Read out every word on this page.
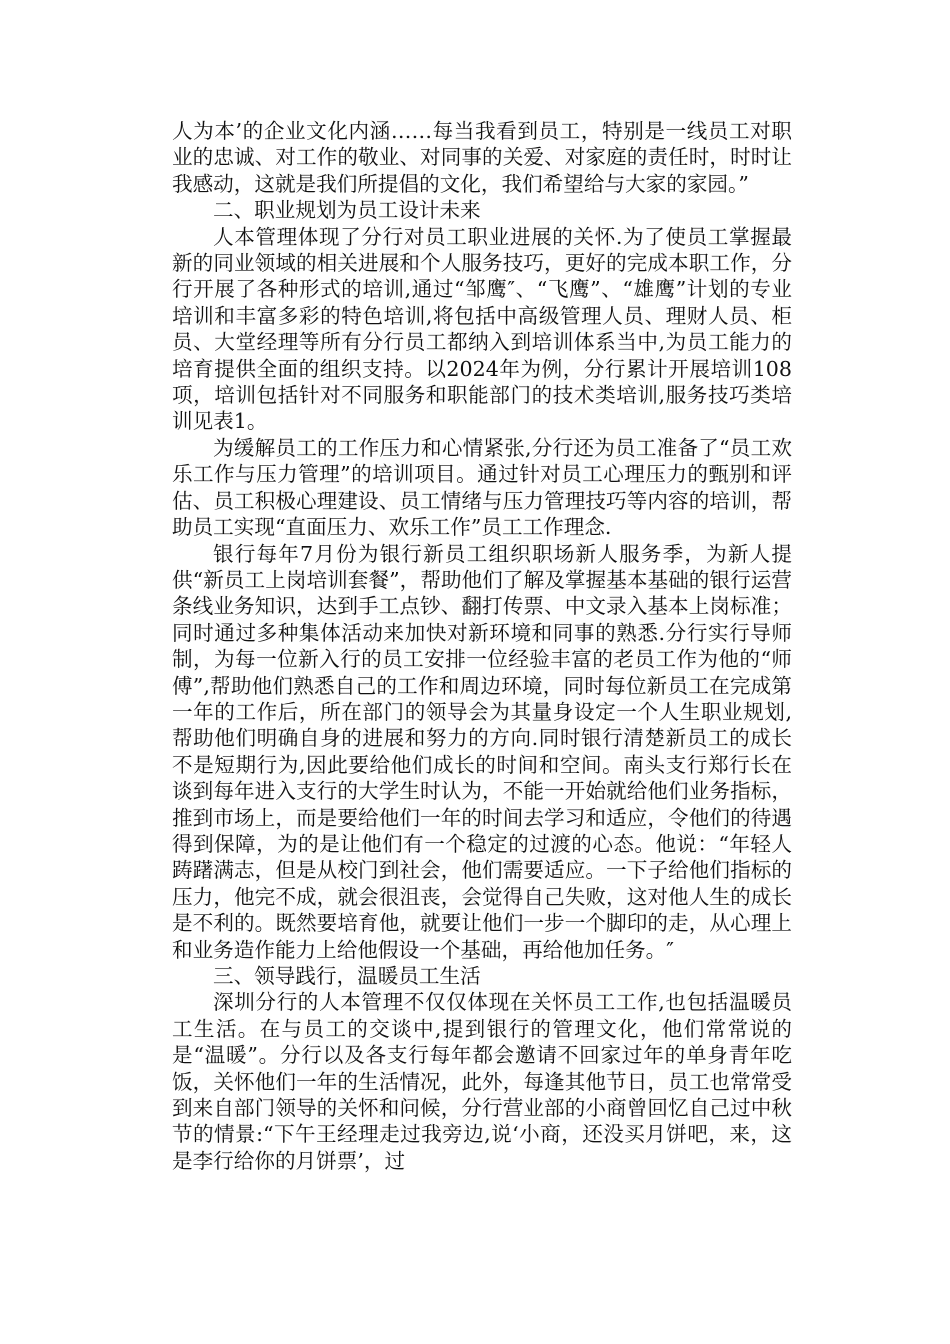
人为本’的企业文化内涵……每当我看到员工，特别是一线员工对职业的忠诚、对工作的敬业、对同事的关爱、对家庭的责任时，时时让我感动，这就是我们所提倡的文化，我们希望给与大家的家园。”

二、职业规划为员工设计未来

人本管理体现了分行对员工职业进展的关怀.为了使员工掌握最新的同业领域的相关进展和个人服务技巧，更好的完成本职工作，分行开展了各种形式的培训,通过“邹鹰″、“飞鹰”、“雄鹰”计划的专业培训和丰富多彩的特色培训,将包括中高级管理人员、理财人员、柜员、大堂经理等所有分行员工都纳入到培训体系当中,为员工能力的培育提供全面的组织支持。以2024年为例，分行累计开展培训108项，培训包括针对不同服务和职能部门的技术类培训,服务技巧类培训见表1。

为缓解员工的工作压力和心情紧张,分行还为员工准备了“员工欢乐工作与压力管理”的培训项目。通过针对员工心理压力的甄别和评估、员工积极心理建设、员工情绪与压力管理技巧等内容的培训，帮助员工实现“直面压力、欢乐工作”员工工作理念.

银行每年7月份为银行新员工组织职场新人服务季，为新人提供“新员工上岗培训套餐”，帮助他们了解及掌握基本基础的银行运营条线业务知识，达到手工点钞、翻打传票、中文录入基本上岗标准；同时通过多种集体活动来加快对新环境和同事的熟悉.分行实行导师制，为每一位新入行的员工安排一位经验丰富的老员工作为他的“师傅”,帮助他们熟悉自己的工作和周边环境，同时每位新员工在完成第一年的工作后，所在部门的领导会为其量身设定一个人生职业规划,帮助他们明确自身的进展和努力的方向.同时银行清楚新员工的成长不是短期行为,因此要给他们成长的时间和空间。南头支行郑行长在谈到每年进入支行的大学生时认为，不能一开始就给他们业务指标，推到市场上，而是要给他们一年的时间去学习和适应，令他们的待遇得到保障，为的是让他们有一个稳定的过渡的心态。他说：“年轻人踌躇满志，但是从校门到社会，他们需要适应。一下子给他们指标的压力，他完不成，就会很沮丧，会觉得自己失败，这对他人生的成长是不利的。既然要培育他，就要让他们一步一个脚印的走，从心理上和业务造作能力上给他假设一个基础，再给他加任务。″

三、领导践行，温暖员工生活

深圳分行的人本管理不仅仅体现在关怀员工工作,也包括温暖员工生活。在与员工的交谈中,提到银行的管理文化，他们常常说的是“温暖”。分行以及各支行每年都会邀请不回家过年的单身青年吃饭，关怀他们一年的生活情况，此外，每逢其他节日，员工也常常受到来自部门领导的关怀和问候，分行营业部的小商曾回忆自己过中秋节的情景:“下午王经理走过我旁边,说‘小商，还没买月饼吧，来，这是李行给你的月饼票’，过
